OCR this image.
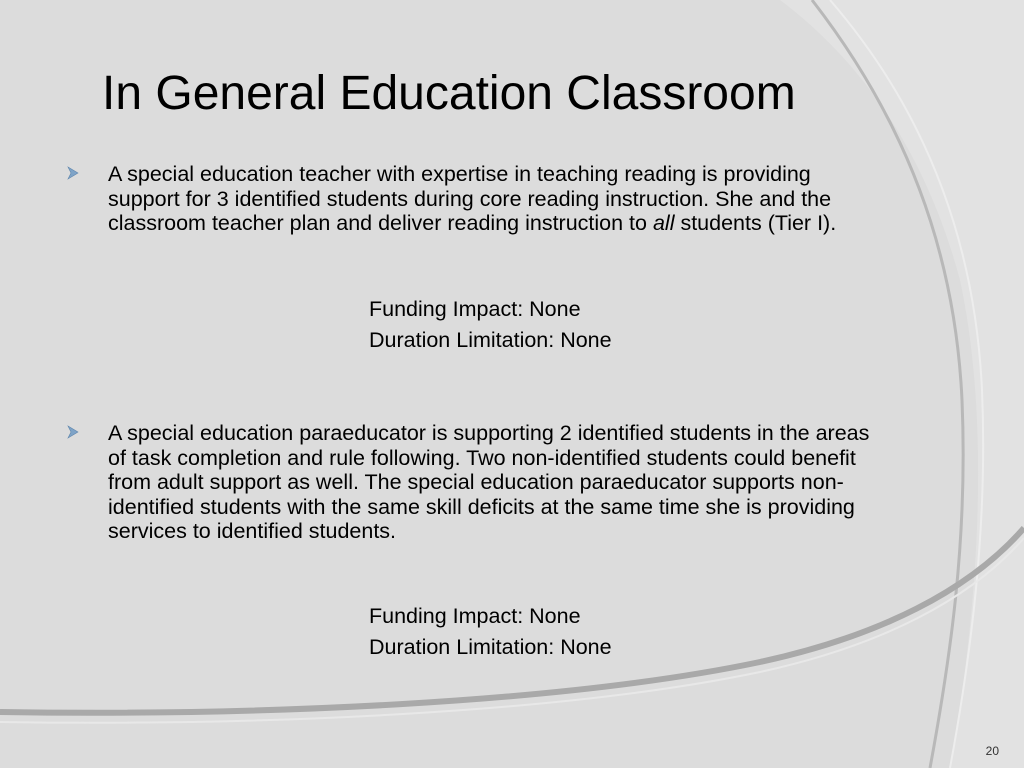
In General Education Classroom
A special education teacher with expertise in teaching reading is providing support for 3 identified students during core reading instruction. She and the classroom teacher plan and deliver reading instruction to all students (Tier I).
Funding Impact: None
Duration Limitation: None
A special education paraeducator is supporting 2 identified students in the areas of task completion and rule following. Two non-identified students could benefit from adult support as well. The special education paraeducator supports non-identified students with the same skill deficits at the same time she is providing services to identified students.
Funding Impact: None
Duration Limitation: None
20
